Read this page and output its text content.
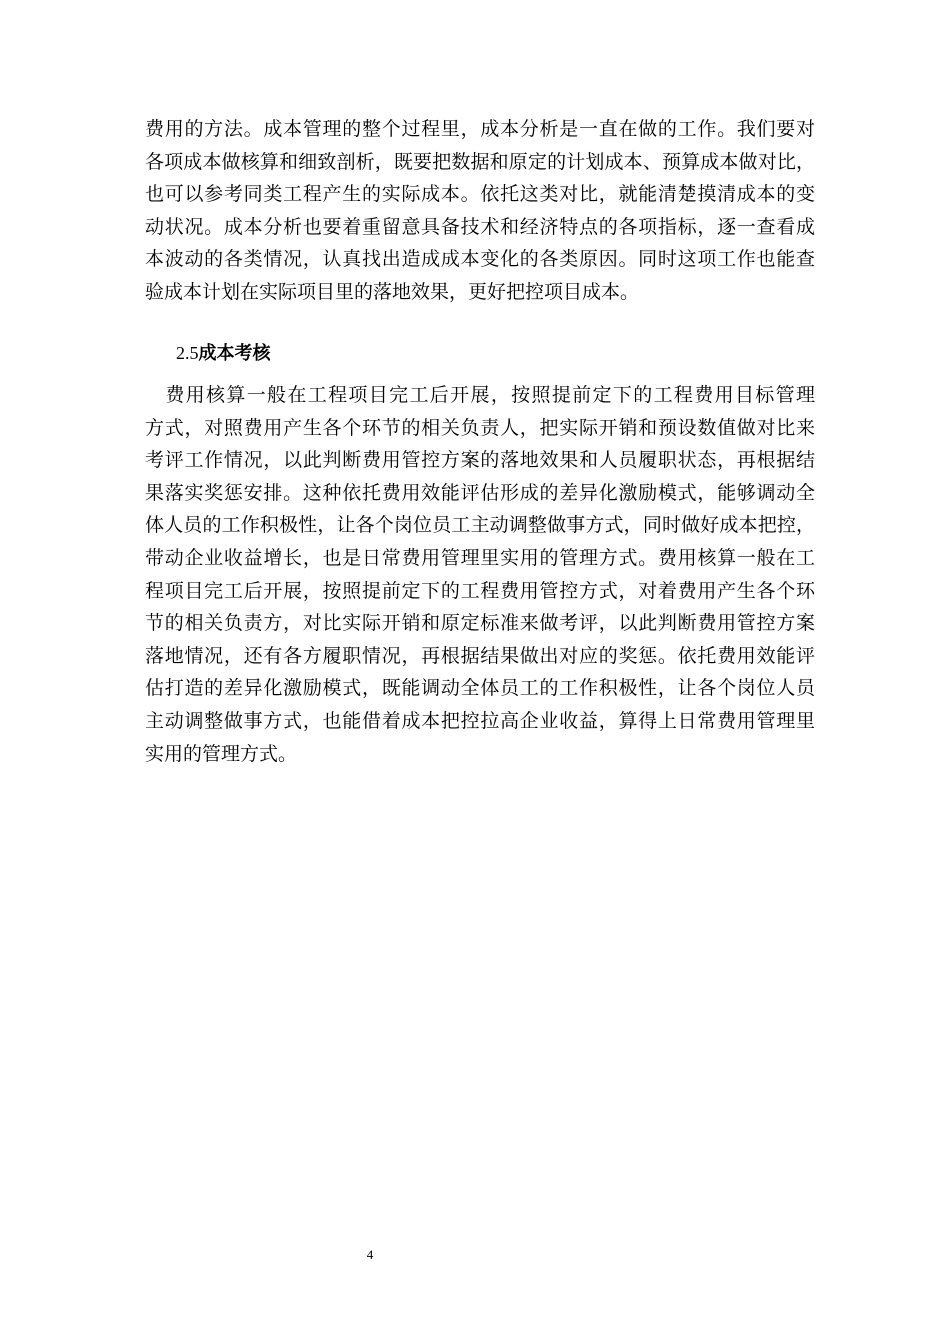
费用的方法。成本管理的整个过程里，成本分析是一直在做的工作。我们要对
各项成本做核算和细致剖析，既要把数据和原定的计划成本、预算成本做对比，
也可以参考同类工程产生的实际成本。依托这类对比，就能清楚摸清成本的变
动状况。成本分析也要着重留意具备技术和经济特点的各项指标，逐一查看成
本波动的各类情况，认真找出造成成本变化的各类原因。同时这项工作也能查
验成本计划在实际项目里的落地效果，更好把控项目成本。
2.5成本考核
　费用核算一般在工程项目完工后开展，按照提前定下的工程费用目标管理
方式，对照费用产生各个环节的相关负责人，把实际开销和预设数值做对比来
考评工作情况，以此判断费用管控方案的落地效果和人员履职状态，再根据结
果落实奖惩安排。这种依托费用效能评估形成的差异化激励模式，能够调动全
体人员的工作积极性，让各个岗位员工主动调整做事方式，同时做好成本把控，
带动企业收益增长，也是日常费用管理里实用的管理方式。费用核算一般在工
程项目完工后开展，按照提前定下的工程费用管控方式，对着费用产生各个环
节的相关负责方，对比实际开销和原定标准来做考评，以此判断费用管控方案
落地情况，还有各方履职情况，再根据结果做出对应的奖惩。依托费用效能评
估打造的差异化激励模式，既能调动全体员工的工作积极性，让各个岗位人员
主动调整做事方式，也能借着成本把控拉高企业收益，算得上日常费用管理里
实用的管理方式。
4
